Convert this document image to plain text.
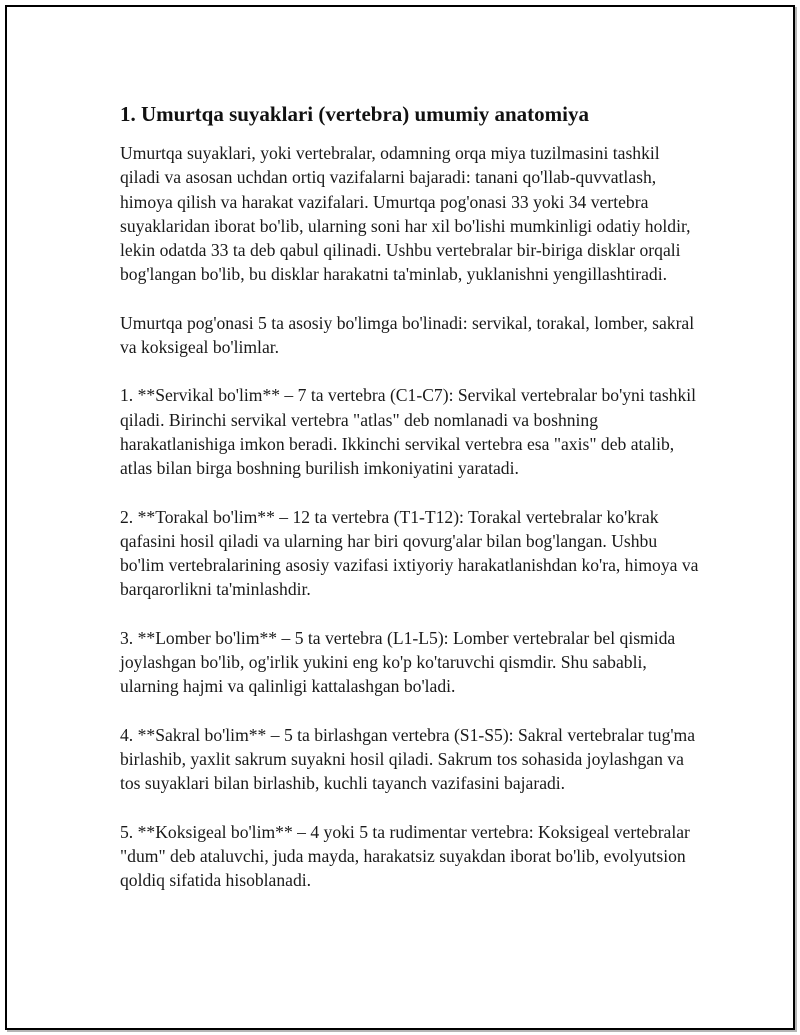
1. Umurtqa suyaklari (vertebra) umumiy anatomiya

Umurtqa suyaklari, yoki vertebralar, odamning orqa miya tuzilmasini tashkil qiladi va asosan uchdan ortiq vazifalarni bajaradi: tanani qo'llab-quvvatlash, himoya qilish va harakat vazifalari. Umurtqa pog'onasi 33 yoki 34 vertebra suyaklaridan iborat bo'lib, ularning soni har xil bo'lishi mumkinligi odatiy holdir, lekin odatda 33 ta deb qabul qilinadi. Ushbu vertebralar bir-biriga disklar orqali bog'langan bo'lib, bu disklar harakatni ta'minlab, yuklanishni yengillashtiradi.

Umurtqa pog'onasi 5 ta asosiy bo'limga bo'linadi: servikal, torakal, lomber, sakral va koksigeal bo'limlar.

1. **Servikal bo'lim** – 7 ta vertebra (C1-C7): Servikal vertebralar bo'yni tashkil qiladi. Birinchi servikal vertebra "atlas" deb nomlanadi va boshning harakatlanishiga imkon beradi. Ikkinchi servikal vertebra esa "axis" deb atalib, atlas bilan birga boshning burilish imkoniyatini yaratadi.

2. **Torakal bo'lim** – 12 ta vertebra (T1-T12): Torakal vertebralar ko'krak qafasini hosil qiladi va ularning har biri qovurg'alar bilan bog'langan. Ushbu bo'lim vertebralarining asosiy vazifasi ixtiyoriy harakatlanishdan ko'ra, himoya va barqarorlikni ta'minlashdir.

3. **Lomber bo'lim** – 5 ta vertebra (L1-L5): Lomber vertebralar bel qismida joylashgan bo'lib, og'irlik yukini eng ko'p ko'taruvchi qismdir. Shu sababli, ularning hajmi va qalinligi kattalashgan bo'ladi.

4. **Sakral bo'lim** – 5 ta birlashgan vertebra (S1-S5): Sakral vertebralar tug'ma birlashib, yaxlit sakrum suyakni hosil qiladi. Sakrum tos sohasida joylashgan va tos suyaklari bilan birlashib, kuchli tayanch vazifasini bajaradi.

5. **Koksigeal bo'lim** – 4 yoki 5 ta rudimentar vertebra: Koksigeal vertebralar "dum" deb ataluvchi, juda mayda, harakatsiz suyakdan iborat bo'lib, evolyutsion qoldiq sifatida hisoblanadi.
